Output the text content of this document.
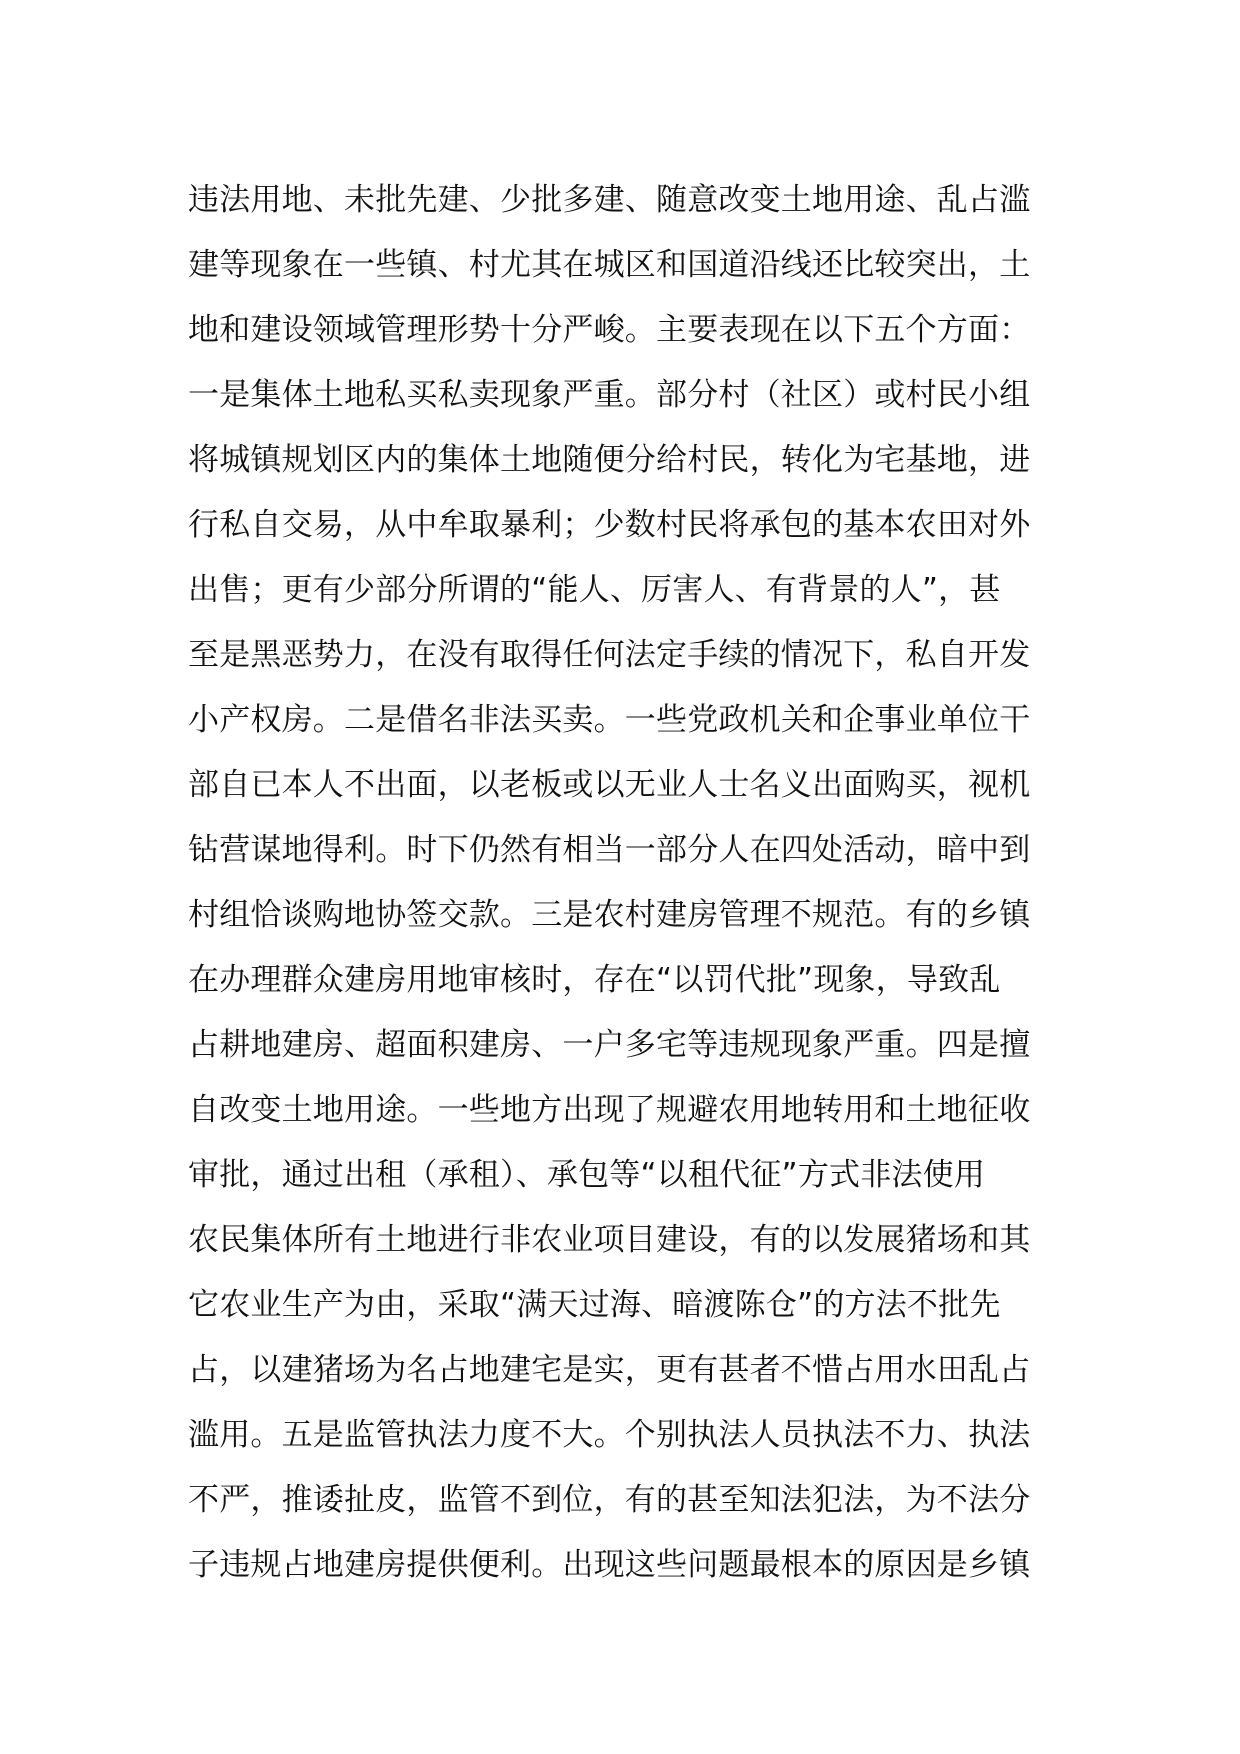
违法用地、未批先建、少批多建、随意改变土地用途、乱占滥
建等现象在一些镇、村尤其在城区和国道沿线还比较突出，土
地和建设领域管理形势十分严峻。主要表现在以下五个方面：
一是集体土地私买私卖现象严重。部分村（社区）或村民小组
将城镇规划区内的集体土地随便分给村民，转化为宅基地，进
行私自交易，从中牟取暴利；少数村民将承包的基本农田对外
出售；更有少部分所谓的“能人、厉害人、有背景的人”，甚
至是黑恶势力，在没有取得任何法定手续的情况下，私自开发
小产权房。二是借名非法买卖。一些党政机关和企事业单位干
部自已本人不出面，以老板或以无业人士名义出面购买，视机
钻营谋地得利。时下仍然有相当一部分人在四处活动，暗中到
村组恰谈购地协签交款。三是农村建房管理不规范。有的乡镇
在办理群众建房用地审核时，存在“以罚代批”现象，导致乱
占耕地建房、超面积建房、一户多宅等违规现象严重。四是擅
自改变土地用途。一些地方出现了规避农用地转用和土地征收
审批，通过出租（承租）、承包等“以租代征”方式非法使用
农民集体所有土地进行非农业项目建设，有的以发展猪场和其
它农业生产为由，采取“满天过海、暗渡陈仓”的方法不批先
占，以建猪场为名占地建宅是实，更有甚者不惜占用水田乱占
滥用。五是监管执法力度不大。个别执法人员执法不力、执法
不严，推诿扯皮，监管不到位，有的甚至知法犯法，为不法分
子违规占地建房提供便利。出现这些问题最根本的原因是乡镇
